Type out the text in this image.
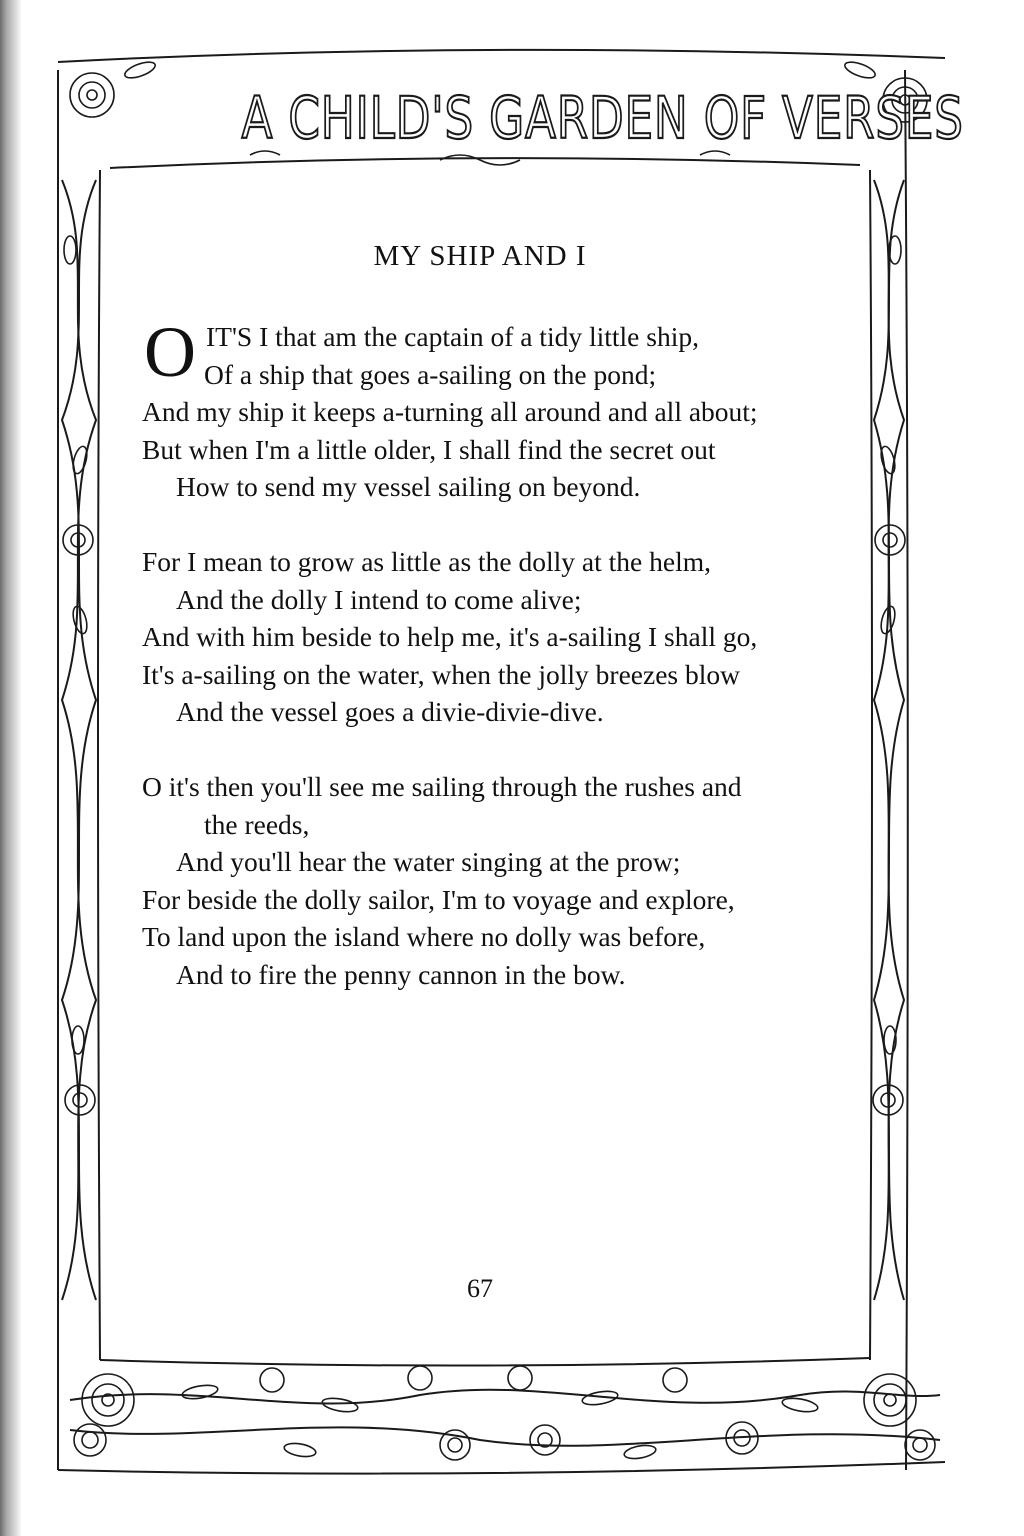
A CHILD'S GARDEN OF VERSES
MY SHIP AND I
O IT'S I that am the captain of a tidy little ship,
Of a ship that goes a-sailing on the pond;
And my ship it keeps a-turning all around and all about;
But when I'm a little older, I shall find the secret out
How to send my vessel sailing on beyond.
For I mean to grow as little as the dolly at the helm,
And the dolly I intend to come alive;
And with him beside to help me, it's a-sailing I shall go,
It's a-sailing on the water, when the jolly breezes blow
And the vessel goes a divie-divie-dive.
O it's then you'll see me sailing through the rushes and
the reeds,
And you'll hear the water singing at the prow;
For beside the dolly sailor, I'm to voyage and explore,
To land upon the island where no dolly was before,
And to fire the penny cannon in the bow.
67
